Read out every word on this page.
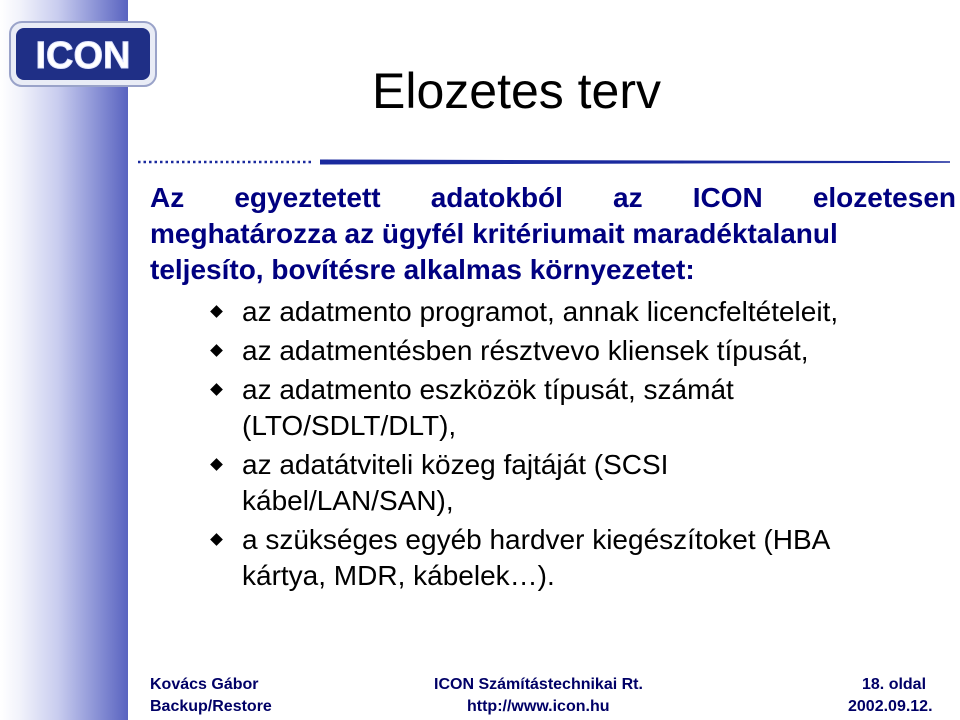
ICON
Elozetes terv
Az egyeztetett adatokból az ICON elozetesen
meghatározza az ügyfél kritériumait maradéktalanul
teljesíto, bovítésre alkalmas környezetet:
az adatmento programot, annak licencfeltételeit,
az adatmentésben résztvevo kliensek típusát,
az adatmento eszközök típusát, számát
(LTO/SDLT/DLT),
az adatátviteli közeg fajtáját (SCSI
kábel/LAN/SAN),
a szükséges egyéb hardver kiegészítoket (HBA
kártya, MDR, kábelek…).
Kovács Gábor
Backup/Restore
ICON Számítástechnikai Rt.
http://www.icon.hu
18. oldal
2002.09.12.
